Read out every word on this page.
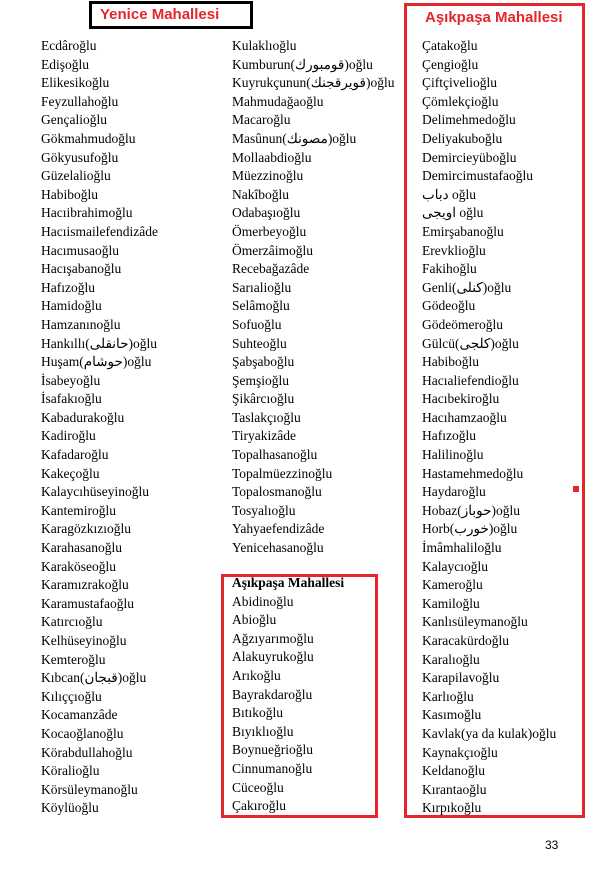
Yenice Mahallesi	Aşıkpaşa Mahallesi
Ecdâroğlu
Edişoğlu
Elikesikoğlu
Feyzullahoğlu
Gençalioğlu
Gökmahmudoğlu
Gökyusufoğlu
Güzelalioğlu
Habiboğlu
Hacıibrahimoğlu
Hacıismailefendizâde
Hacımusaoğlu
Hacışabanoğlu
Hafızoğlu
Hamidoğlu
Hamzanınoğlu
Hankıllı(حانقلى)oğlu
Huşam(حوشام)oğlu
İsabeyoğlu
İsafakıoğlu
Kabadurakoğlu
Kadiroğlu
Kafadaroğlu
Kakeçoğlu
Kalaycıhüseyinoğlu
Kantemiroğlu
Karagözkızıoğlu
Karahasanoğlu
Karaköseoğlu
Karamızrakoğlu
Karamustafaoğlu
Katırcıoğlu
Kelhüseyinoğlu
Kemteroğlu
Kıbcan(قبجان)oğlu
Kılıççıoğlu
Kocamanzâde
Kocaoğlanoğlu
Körabdullahoğlu
Köralioğlu
Körsüleymanoğlu
Köylüoğlu
Kulaklıoğlu
Kumburun(قومبورك)oğlu
Kuyrukçunun(قويرقجنك)oğlu
Mahmudağaoğlu
Macaroğlu
Masûnun(مصونك)oğlu
Mollaabdioğlu
Müezzinoğlu
Nakîboğlu
Odabaşıoğlu
Ömerbeyoğlu
Ömerzâimoğlu
Recebağazâde
Sarıalioğlu
Selâmoğlu
Sofuoğlu
Suhteoğlu
Şabşaboğlu
Şemşioğlu
Şikârcıoğlu
Taslakçıoğlu
Tiryakizâde
Topalhasanoğlu
Topalmüezzinoğlu
Topalosmanoğlu
Tosyalıoğlu
Yahyaefendizâde
Yenicehasanoğlu
Aşıkpaşa Mahallesi
Abidinoğlu
Abioğlu
Ağzıyarımoğlu
Alakuyrukoğlu
Arıkoğlu
Bayrakdaroğlu
Bıtıkoğlu
Bıyıklıoğlu
Boynueğrioğlu
Cinnumanoğlu
Cüceoğlu
Çakıroğlu
Çatakoğlu
Çengioğlu
Çiftçivelioğlu
Çömlekçioğlu
Delimehmedoğlu
Deliyakuboğlu
Demircieyüboğlu
Demircimustafaoğlu
دباب oğlu
اويجى oğlu
Emirşabanoğlu
Erevklioğlu
Fakihoğlu
Genli(كنلى)oğlu
Gödeoğlu
Gödeömeroğlu
Gülcü(كلجى)oğlu
Habiboğlu
Hacıaliefendioğlu
Hacıbekiroğlu
Hacıhamzaoğlu
Hafızoğlu
Halilinoğlu
Hastamehmedoğlu
Haydaroğlu
Hobaz(حوباز)oğlu
Horb(خورب)oğlu
İmâmhaliloğlu
Kalaycıoğlu
Kameroğlu
Kamiloğlu
Kanlısüleymanoğlu
Karacakürdoğlu
Karalıoğlu
Karapilavoğlu
Karlıoğlu
Kasımoğlu
Kavlak(ya da kulak)oğlu
Kaynakçıoğlu
Keldanoğlu
Kırantaoğlu
Kırpıkoğlu
33
